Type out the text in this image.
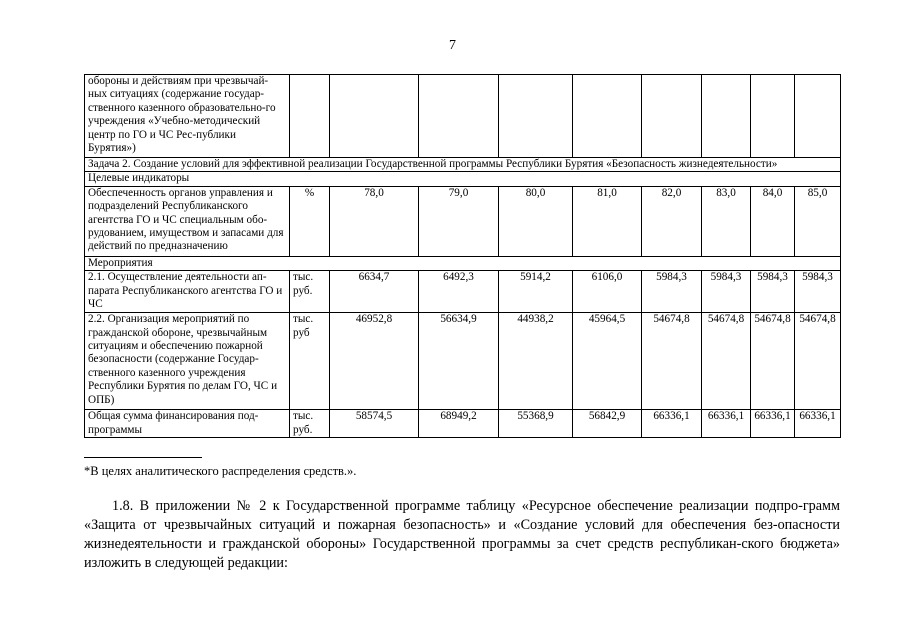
7
обороны и действиям при чрезвычай-ных ситуациях (содержание государ-ственного казенного образовательно-го учреждения «Учебно-методический центр по ГО и ЧС Рес-публики Бурятия»)									
Задача 2. Создание условий для эффективной реализации Государственной программы Республики Бурятия «Безопасность жизнедеятельности»									
Целевые индикаторы									
Обеспеченность органов управления и подразделений Республиканского агентства ГО и ЧС специальным обо-рудованием, имуществом и запасами для действий по предназначению	%	78,0	79,0	80,0	81,0	82,0	83,0	84,0	85,0
Мероприятия									
2.1. Осуществление деятельности ап-парата Республиканского агентства ГО и ЧС	тыс. руб.	6634,7	6492,3	5914,2	6106,0	5984,3	5984,3	5984,3	5984,3
2.2. Организация мероприятий по гражданской обороне, чрезвычайным ситуациям и обеспечению пожарной безопасности (содержание Государ-ственного казенного учреждения Республики Бурятия по делам ГО, ЧС и ОПБ)	тыс. руб	46952,8	56634,9	44938,2	45964,5	54674,8	54674,8	54674,8	54674,8
Общая сумма финансирования под-программы	тыс. руб.	58574,5	68949,2	55368,9	56842,9	66336,1	66336,1	66336,1	66336,1
*В целях аналитического распределения средств.».
1.8. В приложении № 2 к Государственной программе таблицу «Ресурсное обеспечение реализации подпро-грамм «Защита от чрезвычайных ситуаций и пожарная безопасность» и «Создание условий для обеспечения без-опасности жизнедеятельности и гражданской обороны» Государственной программы за счет средств республикан-ского бюджета» изложить в следующей редакции:
